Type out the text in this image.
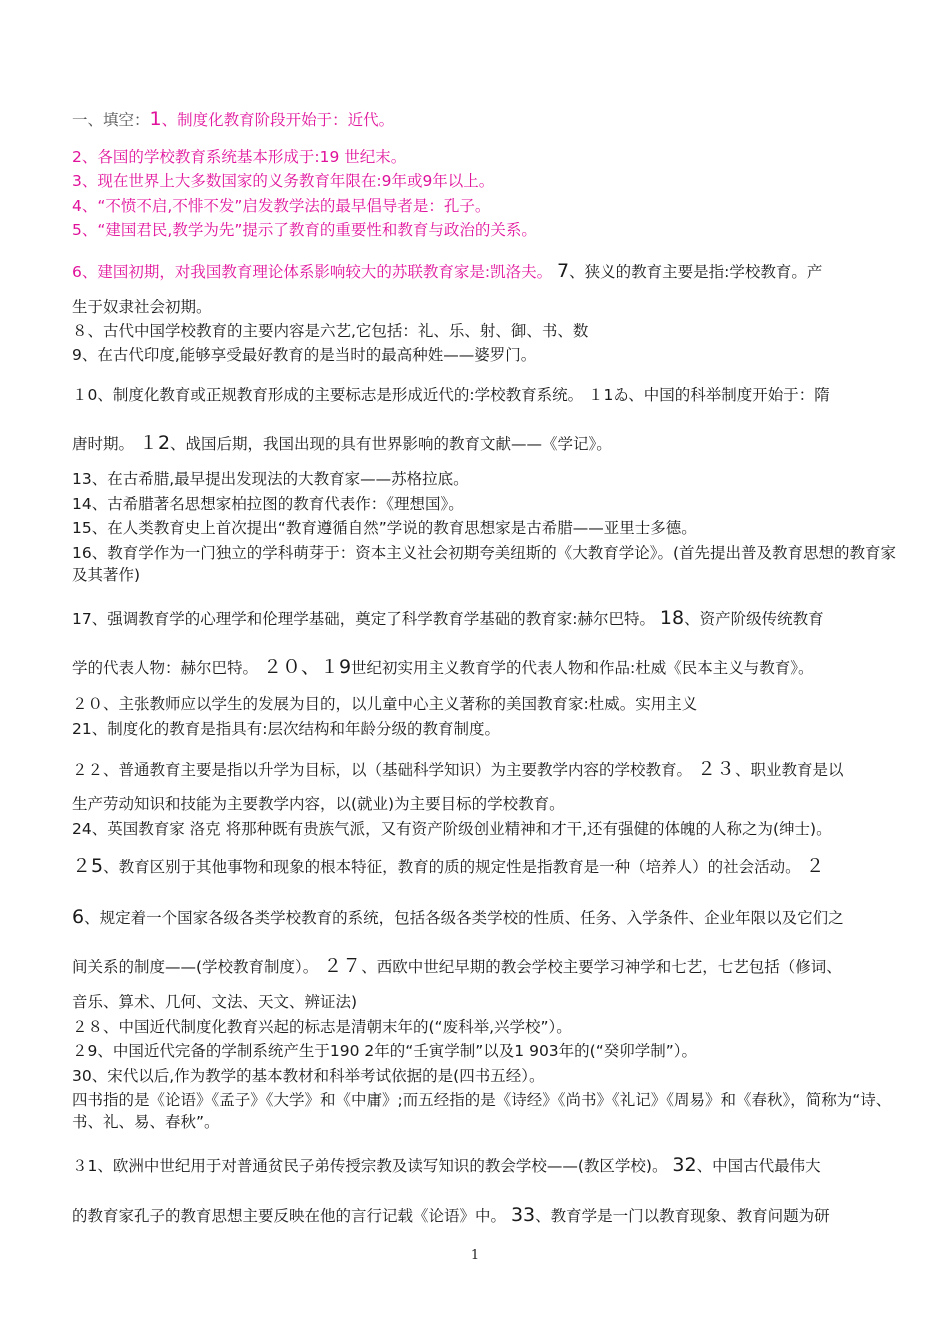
一、填空：1、制度化教育阶段开始于：近代。
2、各国的学校教育系统基本形成于:19 世纪末。
3、现在世界上大多数国家的义务教育年限在:9年或9年以上。
4、“不愤不启,不悱不发”启发教学法的最早倡导者是：孔子。
5、“建国君民,教学为先”提示了教育的重要性和教育与政治的关系。
6、建国初期，对我国教育理论体系影响较大的苏联教育家是:凯洛夫。 7、狭义的教育主要是指:学校教育。产
生于奴隶社会初期。
８、古代中国学校教育的主要内容是六艺,它包括：礼、乐、射、御、书、数
9、在古代印度,能够享受最好教育的是当时的最高种姓——婆罗门。
１0、制度化教育或正规教育形成的主要标志是形成近代的:学校教育系统。 １1ゐ、中国的科举制度开始于：隋
唐时期。 １2、战国后期，我国出现的具有世界影响的教育文献——《学记》。
13、在古希腊,最早提出发现法的大教育家——苏格拉底。
14、古希腊著名思想家柏拉图的教育代表作：《理想国》。
15、在人类教育史上首次提出“教育遵循自然”学说的教育思想家是古希腊——亚里士多德。
16、教育学作为一门独立的学科萌芽于：资本主义社会初期夸美纽斯的《大教育学论》。(首先提出普及教育思想的教育家及其著作)
17、强调教育学的心理学和伦理学基础，奠定了科学教育学基础的教育家:赫尔巴特。 18、资产阶级传统教育
学的代表人物：赫尔巴特。 ２０、１9世纪初实用主义教育学的代表人物和作品:杜威《民本主义与教育》。
２０、主张教师应以学生的发展为目的，以儿童中心主义著称的美国教育家:杜威。实用主义
21、制度化的教育是指具有:层次结构和年龄分级的教育制度。
２２、普通教育主要是指以升学为目标，以（基础科学知识）为主要教学内容的学校教育。 ２３、职业教育是以
生产劳动知识和技能为主要教学内容，以(就业)为主要目标的学校教育。
24、英国教育家 洛克 将那种既有贵族气派，又有资产阶级创业精神和才干,还有强健的体魄的人称之为(绅士)。
２5、教育区别于其他事物和现象的根本特征，教育的质的规定性是指教育是一种（培养人）的社会活动。 ２
6、规定着一个国家各级各类学校教育的系统，包括各级各类学校的性质、任务、入学条件、企业年限以及它们之
间关系的制度——(学校教育制度）。 ２７、西欧中世纪早期的教会学校主要学习神学和七艺，七艺包括（修词、
音乐、算术、几何、文法、天文、辨证法)
２８、中国近代制度化教育兴起的标志是清朝末年的(“废科举,兴学校”）。
２9、中国近代完备的学制系统产生于190 2年的“壬寅学制”以及1 903年的(“癸卯学制”）。
30、宋代以后,作为教学的基本教材和科举考试依据的是(四书五经）。
四书指的是《论语》《孟子》《大学》和《中庸》;而五经指的是《诗经》《尚书》《礼记》《周易》和《春秋》，简称为“诗、书、礼、易、春秋”。
３1、欧洲中世纪用于对普通贫民子弟传授宗教及读写知识的教会学校——(教区学校)。 32、中国古代最伟大
的教育家孔子的教育思想主要反映在他的言行记载《论语》中。 33、教育学是一门以教育现象、教育问题为研
1
